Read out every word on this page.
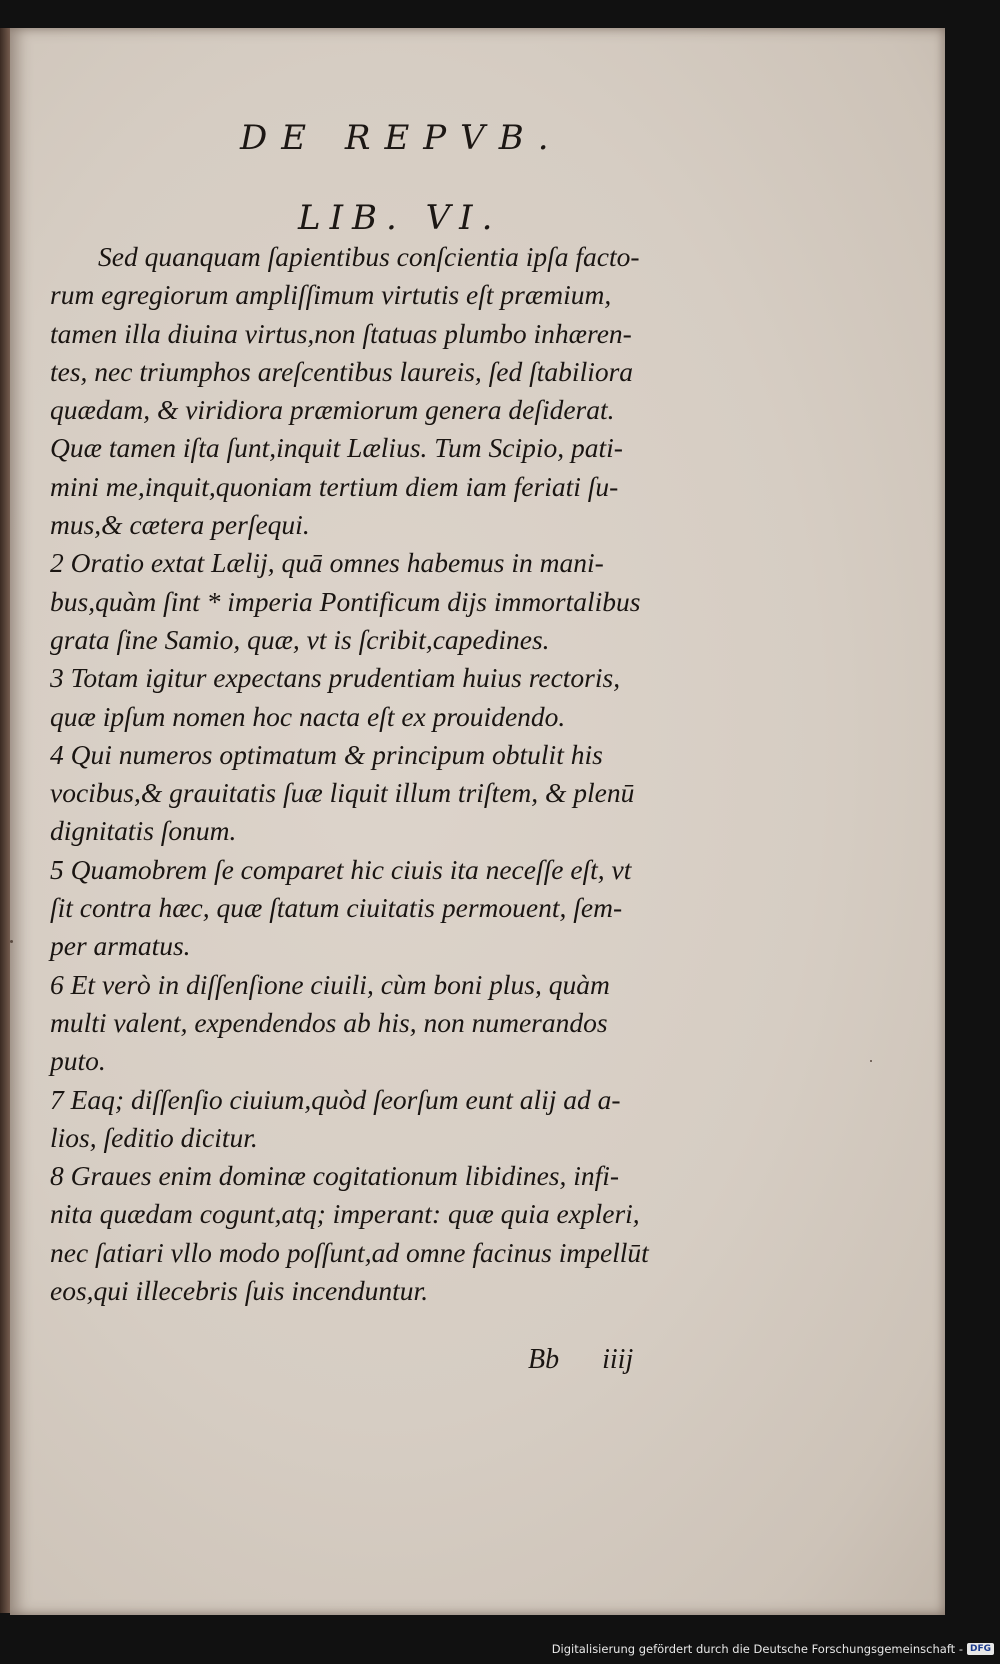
DE REPVB.
LIB. VI.
Sed quanquam ſapientibus conſcientia ipſa facto-
rum egregiorum ampliſſimum virtutis eſt præmium,
tamen illa diuina virtus,non ſtatuas plumbo inhæren-
tes, nec triumphos areſcentibus laureis, ſed ſtabiliora
quædam, & viridiora præmiorum genera deſiderat.
Quæ tamen iſta ſunt,inquit Lælius. Tum Scipio, pati-
mini me,inquit,quoniam tertium diem iam feriati ſu-
mus,& cætera perſequi.
2 Oratio extat Lælij, quā omnes habemus in mani-
bus,quàm ſint * imperia Pontificum dijs immortalibus
grata ſine Samio, quæ, vt is ſcribit,capedines.
3 Totam igitur expectans prudentiam huius rectoris,
quæ ipſum nomen hoc nacta eſt ex prouidendo.
4 Qui numeros optimatum & principum obtulit his
vocibus,& grauitatis ſuæ liquit illum triſtem, & plenū
dignitatis ſonum.
5 Quamobrem ſe comparet hic ciuis ita neceſſe eſt, vt
ſit contra hæc, quæ ſtatum ciuitatis permouent, ſem-
per armatus.
6 Et verò in diſſenſione ciuili, cùm boni plus, quàm
multi valent, expendendos ab his, non numerandos
puto.
7 Eaq; diſſenſio ciuium,quòd ſeorſum eunt alij ad a-
lios, ſeditio dicitur.
8 Graues enim dominæ cogitationum libidines, infi-
nita quædam cogunt,atq; imperant: quæ quia expleri,
nec ſatiari vllo modo poſſunt,ad omne facinus impellūt
eos,qui illecebris ſuis incenduntur.
Bb iiij
Digitalisierung gefördert durch die Deutsche Forschungsgemeinschaft - DFG
